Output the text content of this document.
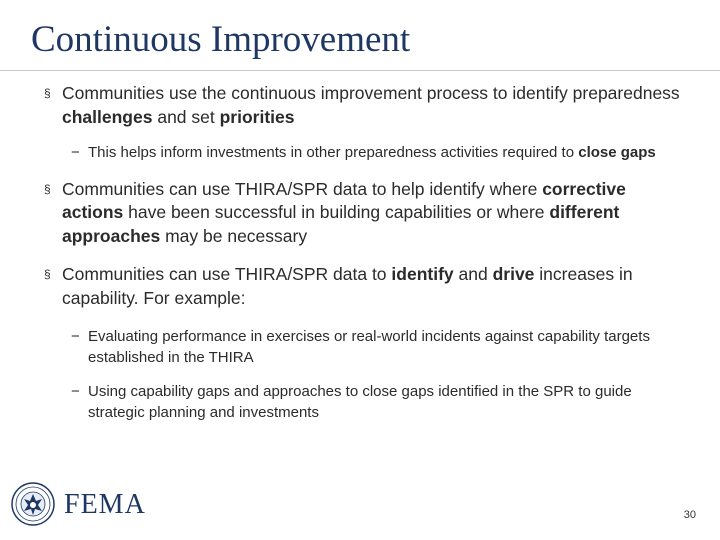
Continuous Improvement
§ Communities use the continuous improvement process to identify preparedness challenges and set priorities
− This helps inform investments in other preparedness activities required to close gaps
§ Communities can use THIRA/SPR data to help identify where corrective actions have been successful in building capabilities or where different approaches may be necessary
§ Communities can use THIRA/SPR data to identify and drive increases in capability. For example:
− Evaluating performance in exercises or real-world incidents against capability targets established in the THIRA
− Using capability gaps and approaches to close gaps identified in the SPR to guide strategic planning and investments
FEMA	30
